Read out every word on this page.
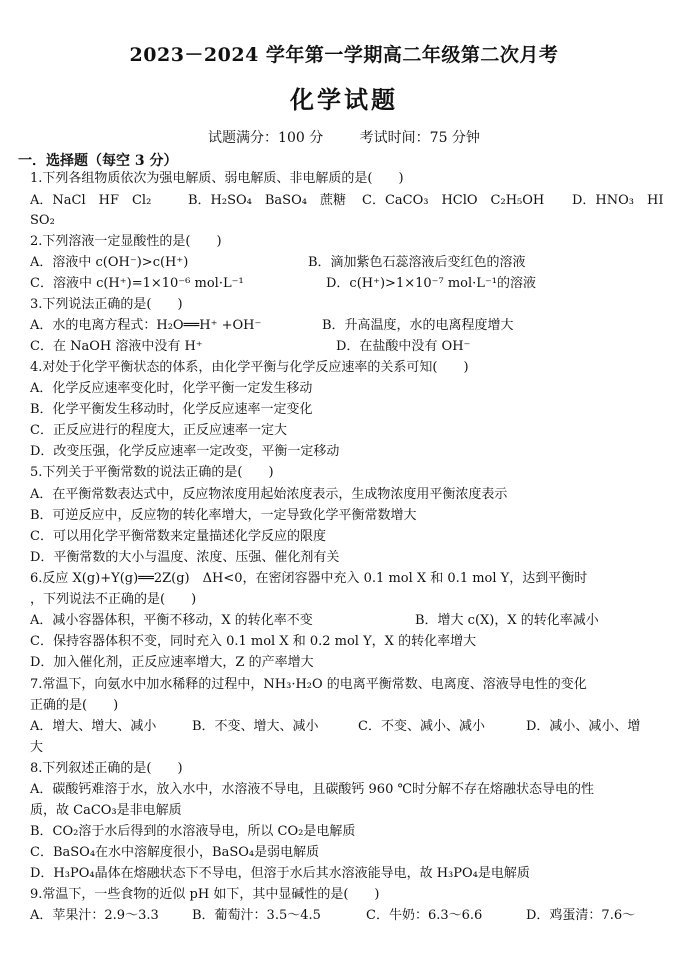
2023－2024 学年第一学期高二年级第二次月考
化学试题
试题满分：100 分	考试时间：75 分钟
一．选择题（每空 3 分）
1.下列各组物质依次为强电解质、弱电解质、非电解质的是(　　)
A．NaCl　HF　Cl₂	B．H₂SO₄　BaSO₄　蔗糖 C．CaCO₃　HClO　C₂H₅OH D．HNO₃　HI
SO₂
2.下列溶液一定显酸性的是(　　)
A．溶液中 c(OH⁻)>c(H⁺)	B．滴加紫色石蕊溶液后变红色的溶液
C．溶液中 c(H⁺)=1×10⁻⁶ mol·L⁻¹	D．c(H⁺)>1×10⁻⁷ mol·L⁻¹的溶液
3.下列说法正确的是(　　)
A．水的电离方程式：H₂O══H⁺ +OH⁻	B．升高温度，水的电离程度增大
C．在 NaOH 溶液中没有 H⁺	D．在盐酸中没有 OH⁻
4.对处于化学平衡状态的体系，由化学平衡与化学反应速率的关系可知(　　)
A．化学反应速率变化时，化学平衡一定发生移动
B．化学平衡发生移动时，化学反应速率一定变化
C．正反应进行的程度大，正反应速率一定大
D．改变压强，化学反应速率一定改变，平衡一定移动
5.下列关于平衡常数的说法正确的是(　　)
A．在平衡常数表达式中，反应物浓度用起始浓度表示，生成物浓度用平衡浓度表示
B．可逆反应中，反应物的转化率增大，一定导致化学平衡常数增大
C．可以用化学平衡常数来定量描述化学反应的限度
D．平衡常数的大小与温度、浓度、压强、催化剂有关
6.反应 X(g)+Y(g)══2Z(g)　ΔH<0，在密闭容器中充入 0.1 mol X 和 0.1 mol Y，达到平衡时
，下列说法不正确的是(　　)
A．减小容器体积，平衡不移动，X 的转化率不变	B．增大 c(X)，X 的转化率减小
C．保持容器体积不变，同时充入 0.1 mol X 和 0.2 mol Y，X 的转化率增大
D．加入催化剂，正反应速率增大，Z 的产率增大
7.常温下，向氨水中加水稀释的过程中，NH₃·H₂O 的电离平衡常数、电离度、溶液导电性的变化
正确的是(　　)
A．增大、增大、减小	B．不变、增大、减小	C．不变、减小、减小	D．减小、减小、增
大
8.下列叙述正确的是(　　)
A．碳酸钙难溶于水，放入水中，水溶液不导电，且碳酸钙 960 ℃时分解不存在熔融状态导电的性
质，故 CaCO₃是非电解质
B．CO₂溶于水后得到的水溶液导电，所以 CO₂是电解质
C．BaSO₄在水中溶解度很小，BaSO₄是弱电解质
D．H₃PO₄晶体在熔融状态下不导电，但溶于水后其水溶液能导电，故 H₃PO₄是电解质
9.常温下，一些食物的近似 pH 如下，其中显碱性的是(　　)
A．苹果汁：2.9～3.3	B．葡萄汁：3.5～4.5	C．牛奶：6.3～6.6	D．鸡蛋清：7.6～
